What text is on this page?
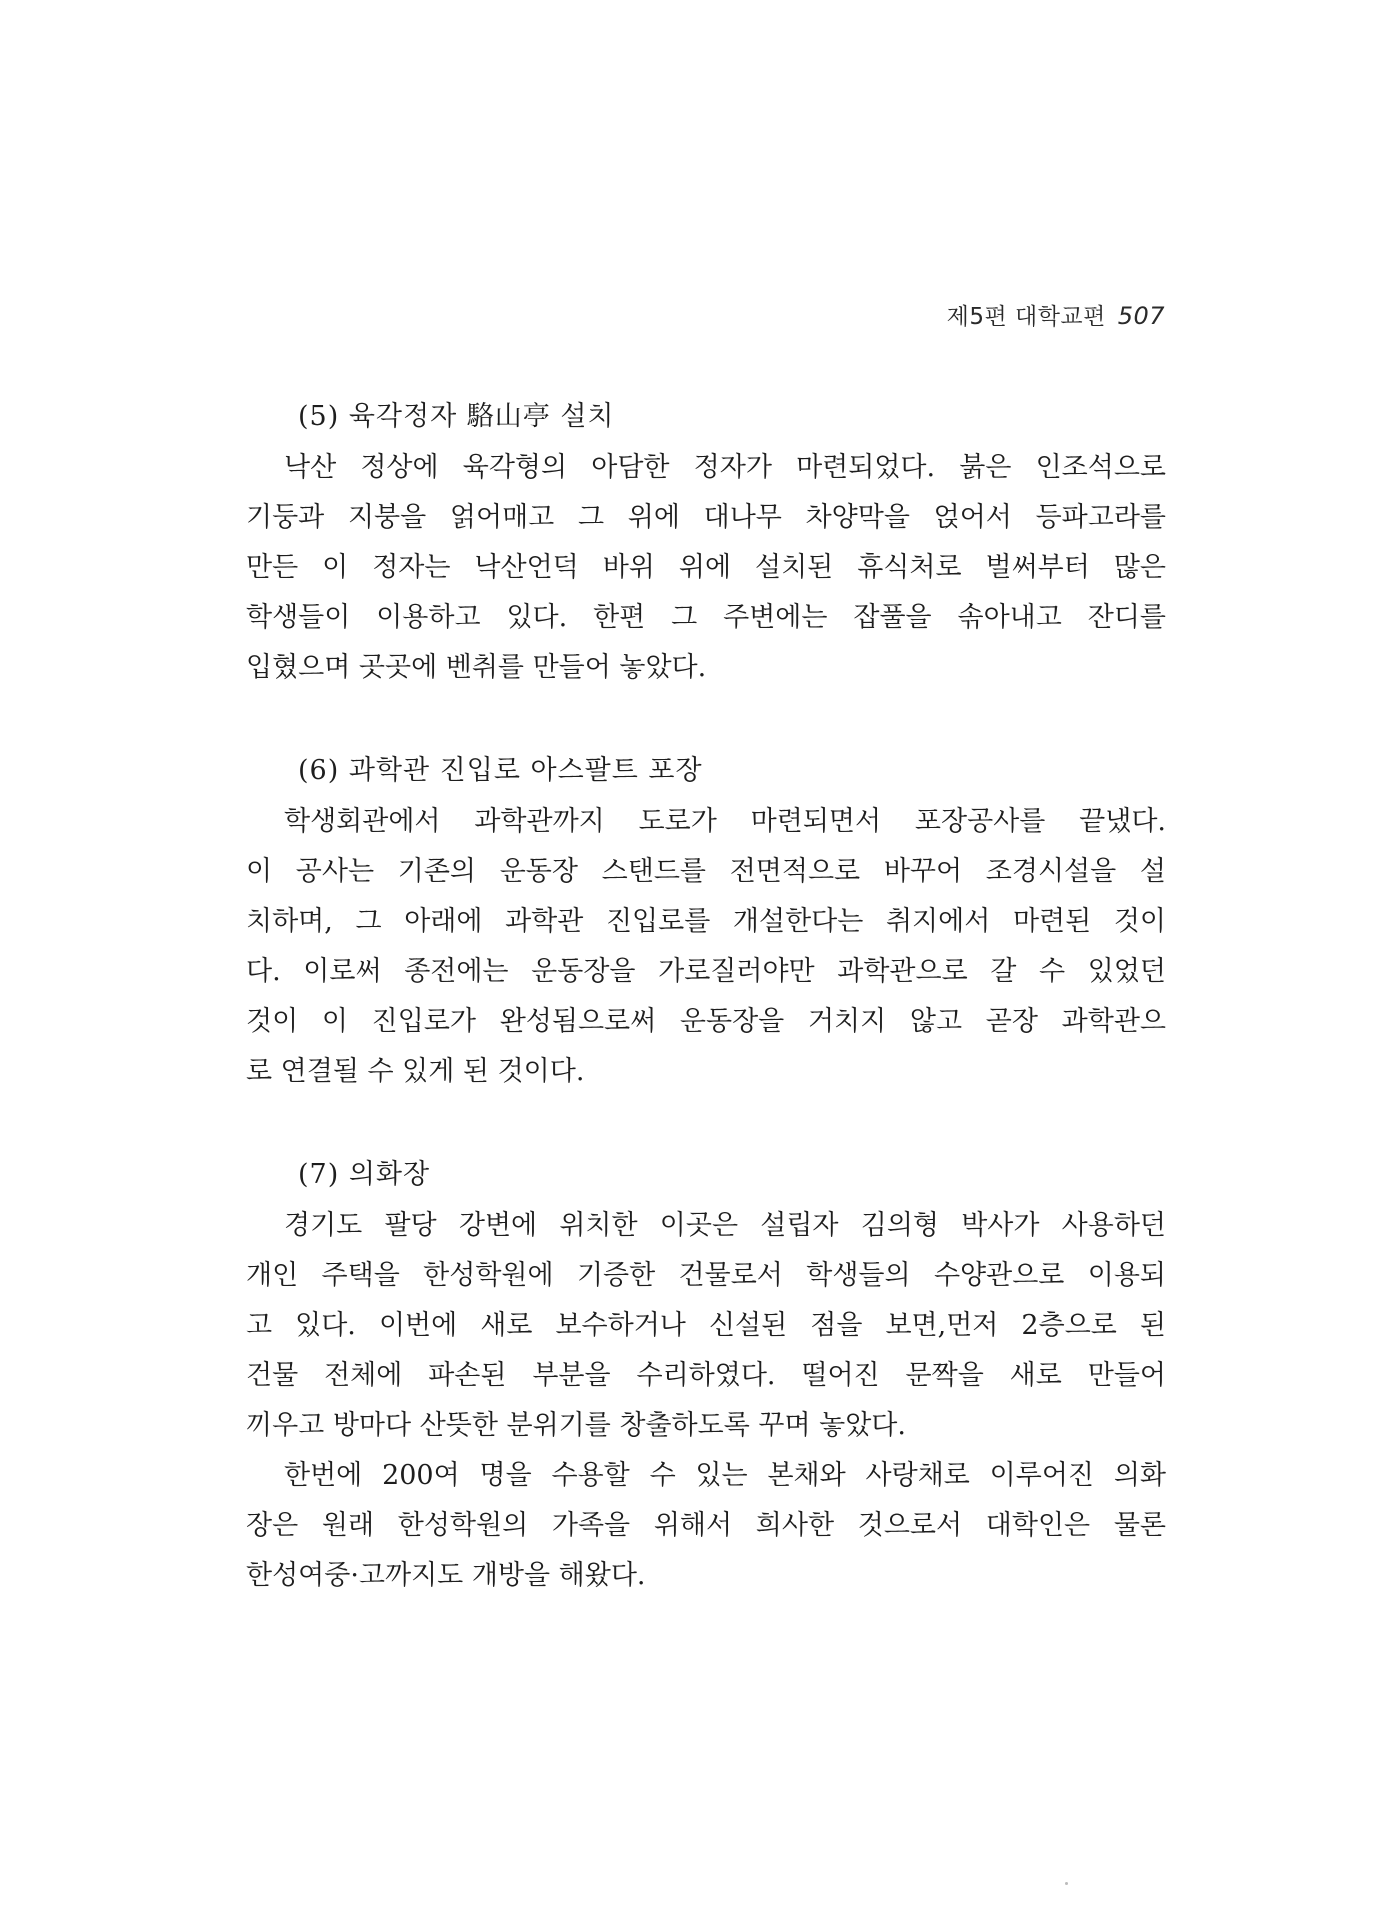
제5편 대학교편 507
(5) 육각정자 駱山亭 설치
낙산 정상에 육각형의 아담한 정자가 마련되었다. 붉은 인조석으로
기둥과 지붕을 얽어매고 그 위에 대나무 차양막을 얹어서 등파고라를
만든 이 정자는 낙산언덕 바위 위에 설치된 휴식처로 벌써부터 많은
학생들이 이용하고 있다. 한편 그 주변에는 잡풀을 솎아내고 잔디를
입혔으며 곳곳에 벤취를 만들어 놓았다.
(6) 과학관 진입로 아스팔트 포장
학생회관에서 과학관까지 도로가 마련되면서 포장공사를 끝냈다.
이 공사는 기존의 운동장 스탠드를 전면적으로 바꾸어 조경시설을 설
치하며, 그 아래에 과학관 진입로를 개설한다는 취지에서 마련된 것이
다. 이로써 종전에는 운동장을 가로질러야만 과학관으로 갈 수 있었던
것이 이 진입로가 완성됨으로써 운동장을 거치지 않고 곧장 과학관으
로 연결될 수 있게 된 것이다.
(7) 의화장
경기도 팔당 강변에 위치한 이곳은 설립자 김의형 박사가 사용하던
개인 주택을 한성학원에 기증한 건물로서 학생들의 수양관으로 이용되
고 있다. 이번에 새로 보수하거나 신설된 점을 보면,먼저 2층으로 된
건물 전체에 파손된 부분을 수리하였다. 떨어진 문짝을 새로 만들어
끼우고 방마다 산뜻한 분위기를 창출하도록 꾸며 놓았다.
한번에 200여 명을 수용할 수 있는 본채와 사랑채로 이루어진 의화
장은 원래 한성학원의 가족을 위해서 희사한 것으로서 대학인은 물론
한성여중·고까지도 개방을 해왔다.
